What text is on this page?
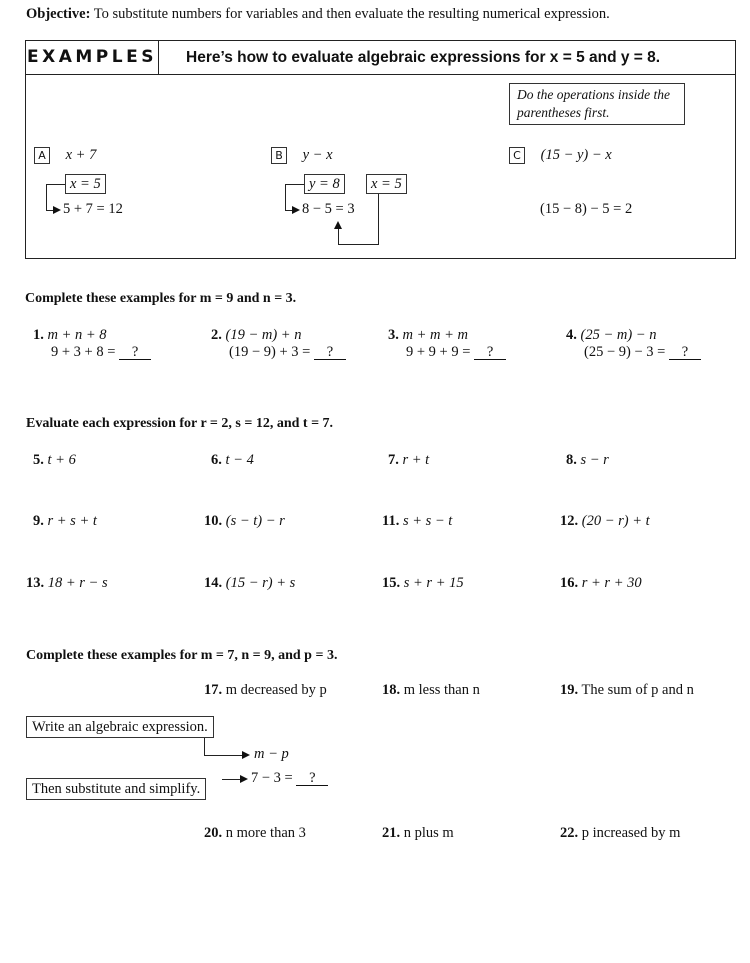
Objective: To substitute numbers for variables and then evaluate the resulting numerical expression.
EXAMPLES Here’s how to evaluate algebraic expressions for x = 5 and y = 8.
Do the operations inside the parentheses first.
A x + 7
x = 5
5 + 7 = 12
B y − x
y = 8	x = 5
8 − 5 = 3
C (15 − y) − x
(15 − 8) − 5 = 2
Complete these examples for m = 9 and n = 3.
1. m + n + 8
9 + 3 + 8 = ?
2. (19 − m) + n
(19 − 9) + 3 = ?
3. m + m + m
9 + 9 + 9 = ?
4. (25 − m) − n
(25 − 9) − 3 = ?
Evaluate each expression for r = 2, s = 12, and t = 7.
5. t + 6	6. t − 4	7. r + t	8. s − r
9. r + s + t	10. (s − t) − r	11. s + s − t	12. (20 − r) + t
13. 18 + r − s	14. (15 − r) + s	15. s + r + 15	16. r + r + 30
Complete these examples for m = 7, n = 9, and p = 3.
17. m decreased by p	18. m less than n	19. The sum of p and n
Write an algebraic expression.
m − p
Then substitute and simplify.
7 − 3 = ?
20. n more than 3	21. n plus m	22. p increased by m
